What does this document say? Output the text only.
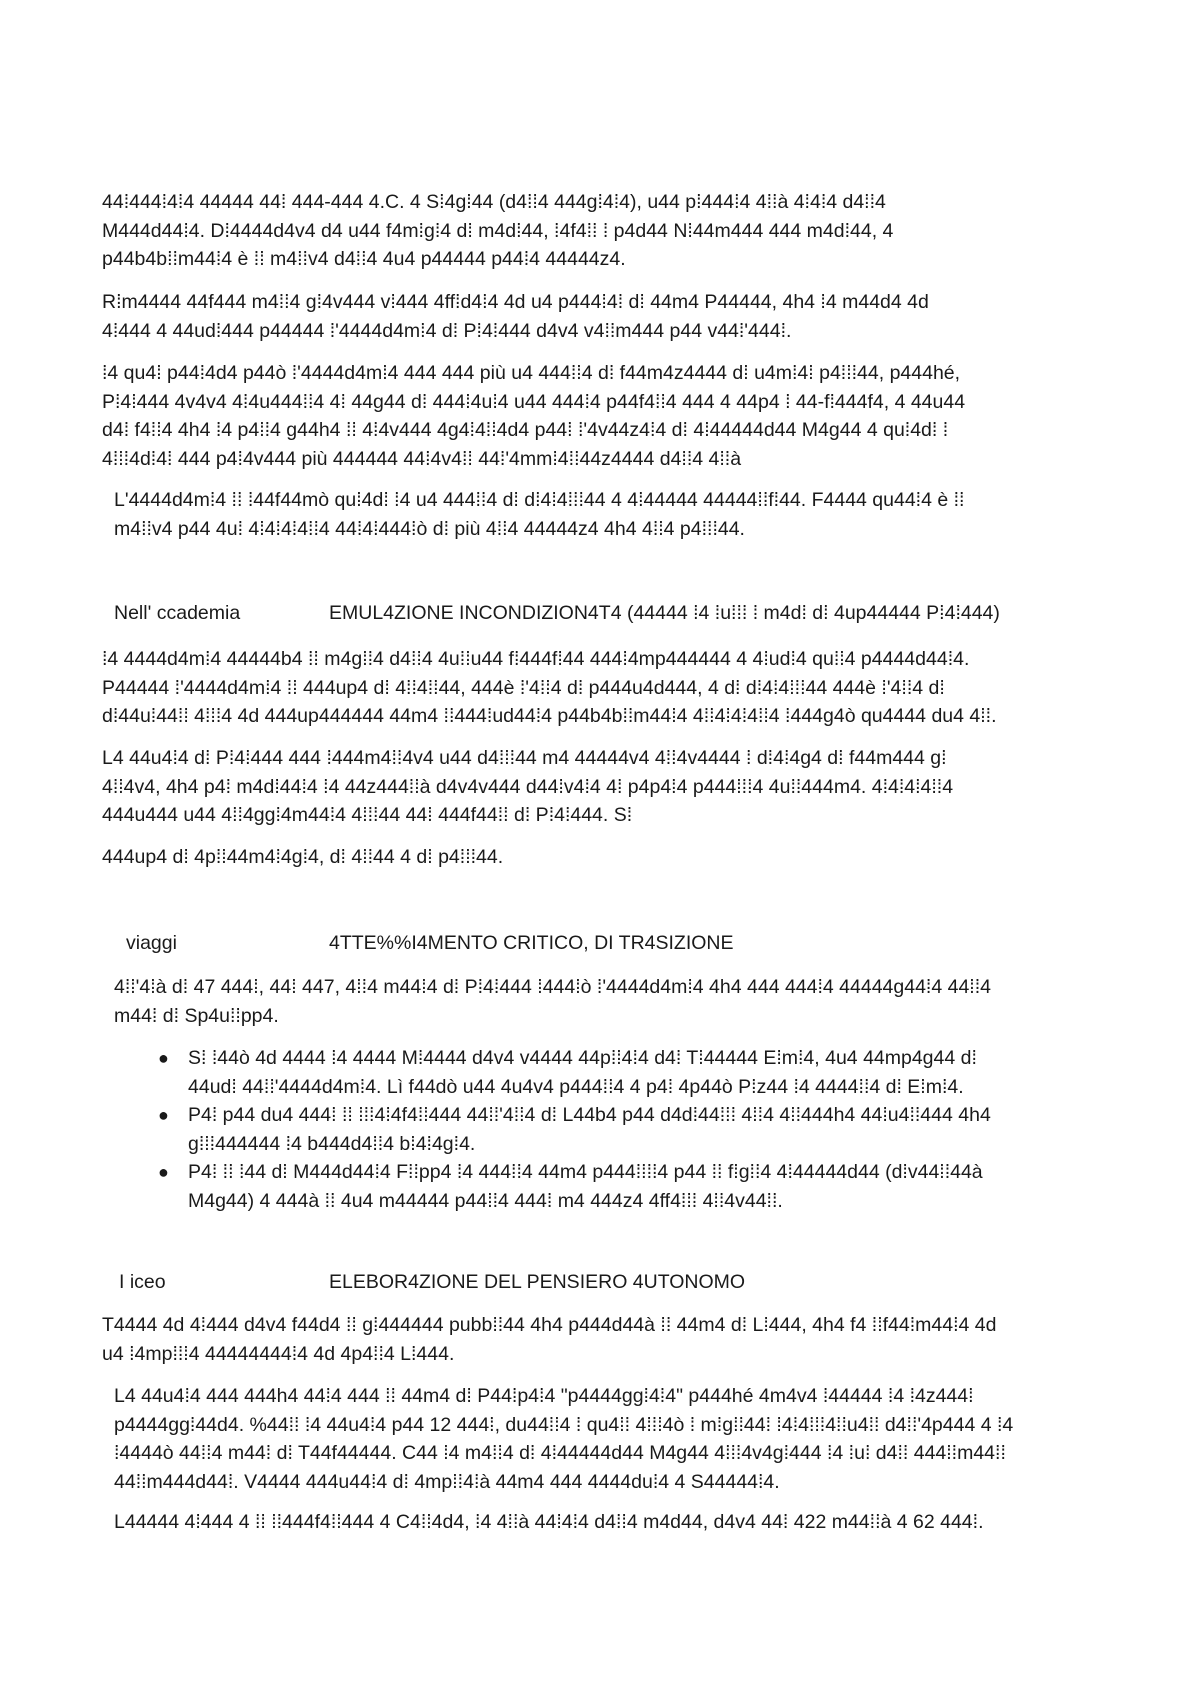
44⁞444⁞4⁞4 44444 44⁞ 444-444 4.C. 4 S⁞4g⁞44 (d4⁞⁞4 444g⁞4⁞4), u44 p⁞444⁞4 4⁞⁞à 4⁞4⁞4 d4⁞⁞4
M444d44⁞4. D⁞4444d4v4 d4 u44 f4m⁞g⁞4 d⁞ m4d⁞44, ⁞4f4⁞⁞ ⁞ p4d44 N⁞44m444 444 m4d⁞44, 4
p44b4b⁞⁞m44⁞4 è ⁞⁞ m4⁞⁞v4 d4⁞⁞4 4u4 p44444 p44⁞4 44444z4.

R⁞m4444 44f444 m4⁞⁞4 g⁞4v444 v⁞444 4ff⁞d4⁞4 4d u4 p444⁞4⁞ d⁞ 44m4 P44444, 4h4 ⁞4 m44d4 4d
4⁞444 4 44ud⁞444 p44444 ⁞'4444d4m⁞4 d⁞ P⁞4⁞444 d4v4 v4⁞⁞m444 p44 v44⁞'444⁞.

⁞4 qu4⁞ p44⁞4d4 p44ò ⁞'4444d4m⁞4 444 444 più u4 444⁞⁞4 d⁞ f44m4z4444 d⁞ u4m⁞4⁞ p4⁞⁞⁞44, p444hé,
P⁞4⁞444 4v4v4 4⁞4u444⁞⁞4 4⁞ 44g44 d⁞ 444⁞4u⁞4 u44 444⁞4 p44f4⁞⁞4 444 4 44p4 ⁞ 44-f⁞444f4, 4 44u44
d4⁞ f4⁞⁞4 4h4 ⁞4 p4⁞⁞4 g44h4 ⁞⁞ 4⁞4v444 4g4⁞4⁞⁞4d4 p44⁞ ⁞'4v44z4⁞4 d⁞ 4⁞44444d44 M4g44 4 qu⁞4d⁞ ⁞
4⁞⁞⁞4d⁞4⁞ 444 p4⁞4v444 più 444444 44⁞4v4⁞⁞ 44⁞'4mm⁞4⁞⁞44z4444 d4⁞⁞4 4⁞⁞à

L'4444d4m⁞4 ⁞⁞ ⁞44f44mò qu⁞4d⁞ ⁞4 u4 444⁞⁞4 d⁞ d⁞4⁞4⁞⁞⁞44 4 4⁞44444 44444⁞⁞f⁞44. F4444 qu44⁞4 è ⁞⁞
m4⁞⁞v4 p44 4u⁞ 4⁞4⁞4⁞4⁞⁞4 44⁞4⁞444⁞ò d⁞ più 4⁞⁞4 44444z4 4h4 4⁞⁞4 p4⁞⁞⁞44.

Nell' ccademia	EMUL4ZIONE INCONDIZION4T4 (44444 ⁞4 ⁞u⁞⁞⁞ ⁞ m4d⁞ d⁞ 4up44444 P⁞4⁞444)

⁞4 4444d4m⁞4 44444b4 ⁞⁞ m4g⁞⁞4 d4⁞⁞4 4u⁞⁞u44 f⁞444f⁞44 444⁞4mp444444 4 4⁞ud⁞4 qu⁞⁞4 p4444d44⁞4.
P44444 ⁞'4444d4m⁞4 ⁞⁞ 444up4 d⁞ 4⁞⁞4⁞⁞44, 444è ⁞'4⁞⁞4 d⁞ p444u4d444, 4 d⁞ d⁞4⁞4⁞⁞⁞44 444è ⁞'4⁞⁞4 d⁞
d⁞44u⁞44⁞⁞ 4⁞⁞⁞4 4d 444up444444 44m4 ⁞⁞444⁞ud44⁞4 p44b4b⁞⁞m44⁞4 4⁞⁞4⁞4⁞4⁞⁞4 ⁞444g4ò qu4444 du4 4⁞⁞.

L4 44u4⁞4 d⁞ P⁞4⁞444 444 ⁞444m4⁞⁞4v4 u44 d4⁞⁞⁞44 m4 44444v4 4⁞⁞4v4444 ⁞ d⁞4⁞4g4 d⁞ f44m444 g⁞
4⁞⁞4v4, 4h4 p4⁞ m4d⁞44⁞4 ⁞4 44z444⁞⁞à d4v4v444 d44⁞v4⁞4 4⁞ p4p4⁞4 p444⁞⁞⁞4 4u⁞⁞444m4. 4⁞4⁞4⁞4⁞⁞4
444u444 u44 4⁞⁞4gg⁞4m44⁞4 4⁞⁞⁞44 44⁞ 444f44⁞⁞ d⁞ P⁞4⁞444. S⁞

444up4 d⁞ 4p⁞⁞44m4⁞4g⁞4, d⁞ 4⁞⁞44 4 d⁞ p4⁞⁞⁞44.

viaggi	4TTE%%I4MENTO CRITICO, DI TR4SIZIONE

4⁞⁞'4⁞à d⁞ 47 444⁞, 44⁞ 447, 4⁞⁞4 m44⁞4 d⁞ P⁞4⁞444 ⁞444⁞ò ⁞'4444d4m⁞4 4h4 444 444⁞4 44444g44⁞4 44⁞⁞4
m44⁞ d⁞ Sp4u⁞⁞pp4.

● S⁞ ⁞44ò 4d 4444 ⁞4 4444 M⁞4444 d4v4 v4444 44p⁞⁞4⁞4 d4⁞ T⁞44444 E⁞m⁞4, 4u4 44mp4g44 d⁞
44ud⁞ 44⁞⁞'4444d4m⁞4. Lì f44dò u44 4u4v4 p444⁞⁞4 4 p4⁞ 4p44ò P⁞z44 ⁞4 4444⁞⁞4 d⁞ E⁞m⁞4.
● P4⁞ p44 du4 444⁞ ⁞⁞ ⁞⁞⁞4⁞4f4⁞⁞444 44⁞⁞'4⁞⁞4 d⁞ L44b4 p44 d4d⁞44⁞⁞⁞ 4⁞⁞4 4⁞⁞444h4 44⁞u4⁞⁞444 4h4
g⁞⁞⁞444444 ⁞4 b444d4⁞⁞4 b⁞4⁞4g⁞4.
● P4⁞ ⁞⁞ ⁞44 d⁞ M444d44⁞4 F⁞⁞pp4 ⁞4 444⁞⁞4 44m4 p444⁞⁞⁞⁞4 p44 ⁞⁞ f⁞g⁞⁞4 4⁞44444d44 (d⁞v44⁞⁞44à
M4g44) 4 444à ⁞⁞ 4u4 m44444 p44⁞⁞4 444⁞ m4 444z4 4ff4⁞⁞⁞ 4⁞⁞4v44⁞⁞.
I iceo	ELEBOR4ZIONE DEL PENSIERO 4UTONOMO

T4444 4d 4⁞444 d4v4 f44d4 ⁞⁞ g⁞444444 pubb⁞⁞44 4h4 p444d44à ⁞⁞ 44m4 d⁞ L⁞444, 4h4 f4 ⁞⁞f44⁞m44⁞4 4d
u4 ⁞4mp⁞⁞⁞4 44444444⁞4 4d 4p4⁞⁞4 L⁞444.

L4 44u4⁞4 444 444h4 44⁞4 444 ⁞⁞ 44m4 d⁞ P44⁞p4⁞4 "p4444gg⁞4⁞4" p444hé 4m4v4 ⁞44444 ⁞4 ⁞4z444⁞
p4444gg⁞44d4. %44⁞⁞ ⁞4 44u4⁞4 p44 12 444⁞, du44⁞⁞4 ⁞ qu4⁞⁞ 4⁞⁞⁞4ò ⁞ m⁞g⁞⁞44⁞ ⁞4⁞4⁞⁞⁞4⁞⁞u4⁞⁞ d4⁞⁞'4p444 4 ⁞4
⁞4444ò 44⁞⁞4 m44⁞ d⁞ T44f44444. C44 ⁞4 m4⁞⁞4 d⁞ 4⁞44444d44 M4g44 4⁞⁞⁞4v4g⁞444 ⁞4 ⁞u⁞ d4⁞⁞ 444⁞⁞m44⁞⁞
44⁞⁞m444d44⁞. V4444 444u44⁞4 d⁞ 4mp⁞⁞4⁞à 44m4 444 4444du⁞4 4 S44444⁞4.

L44444 4⁞444 4 ⁞⁞ ⁞⁞444f4⁞⁞444 4 C4⁞⁞4d4, ⁞4 4⁞⁞à 44⁞4⁞4 d4⁞⁞4 m4d44, d4v4 44⁞ 422 m44⁞⁞à 4 62 444⁞.
